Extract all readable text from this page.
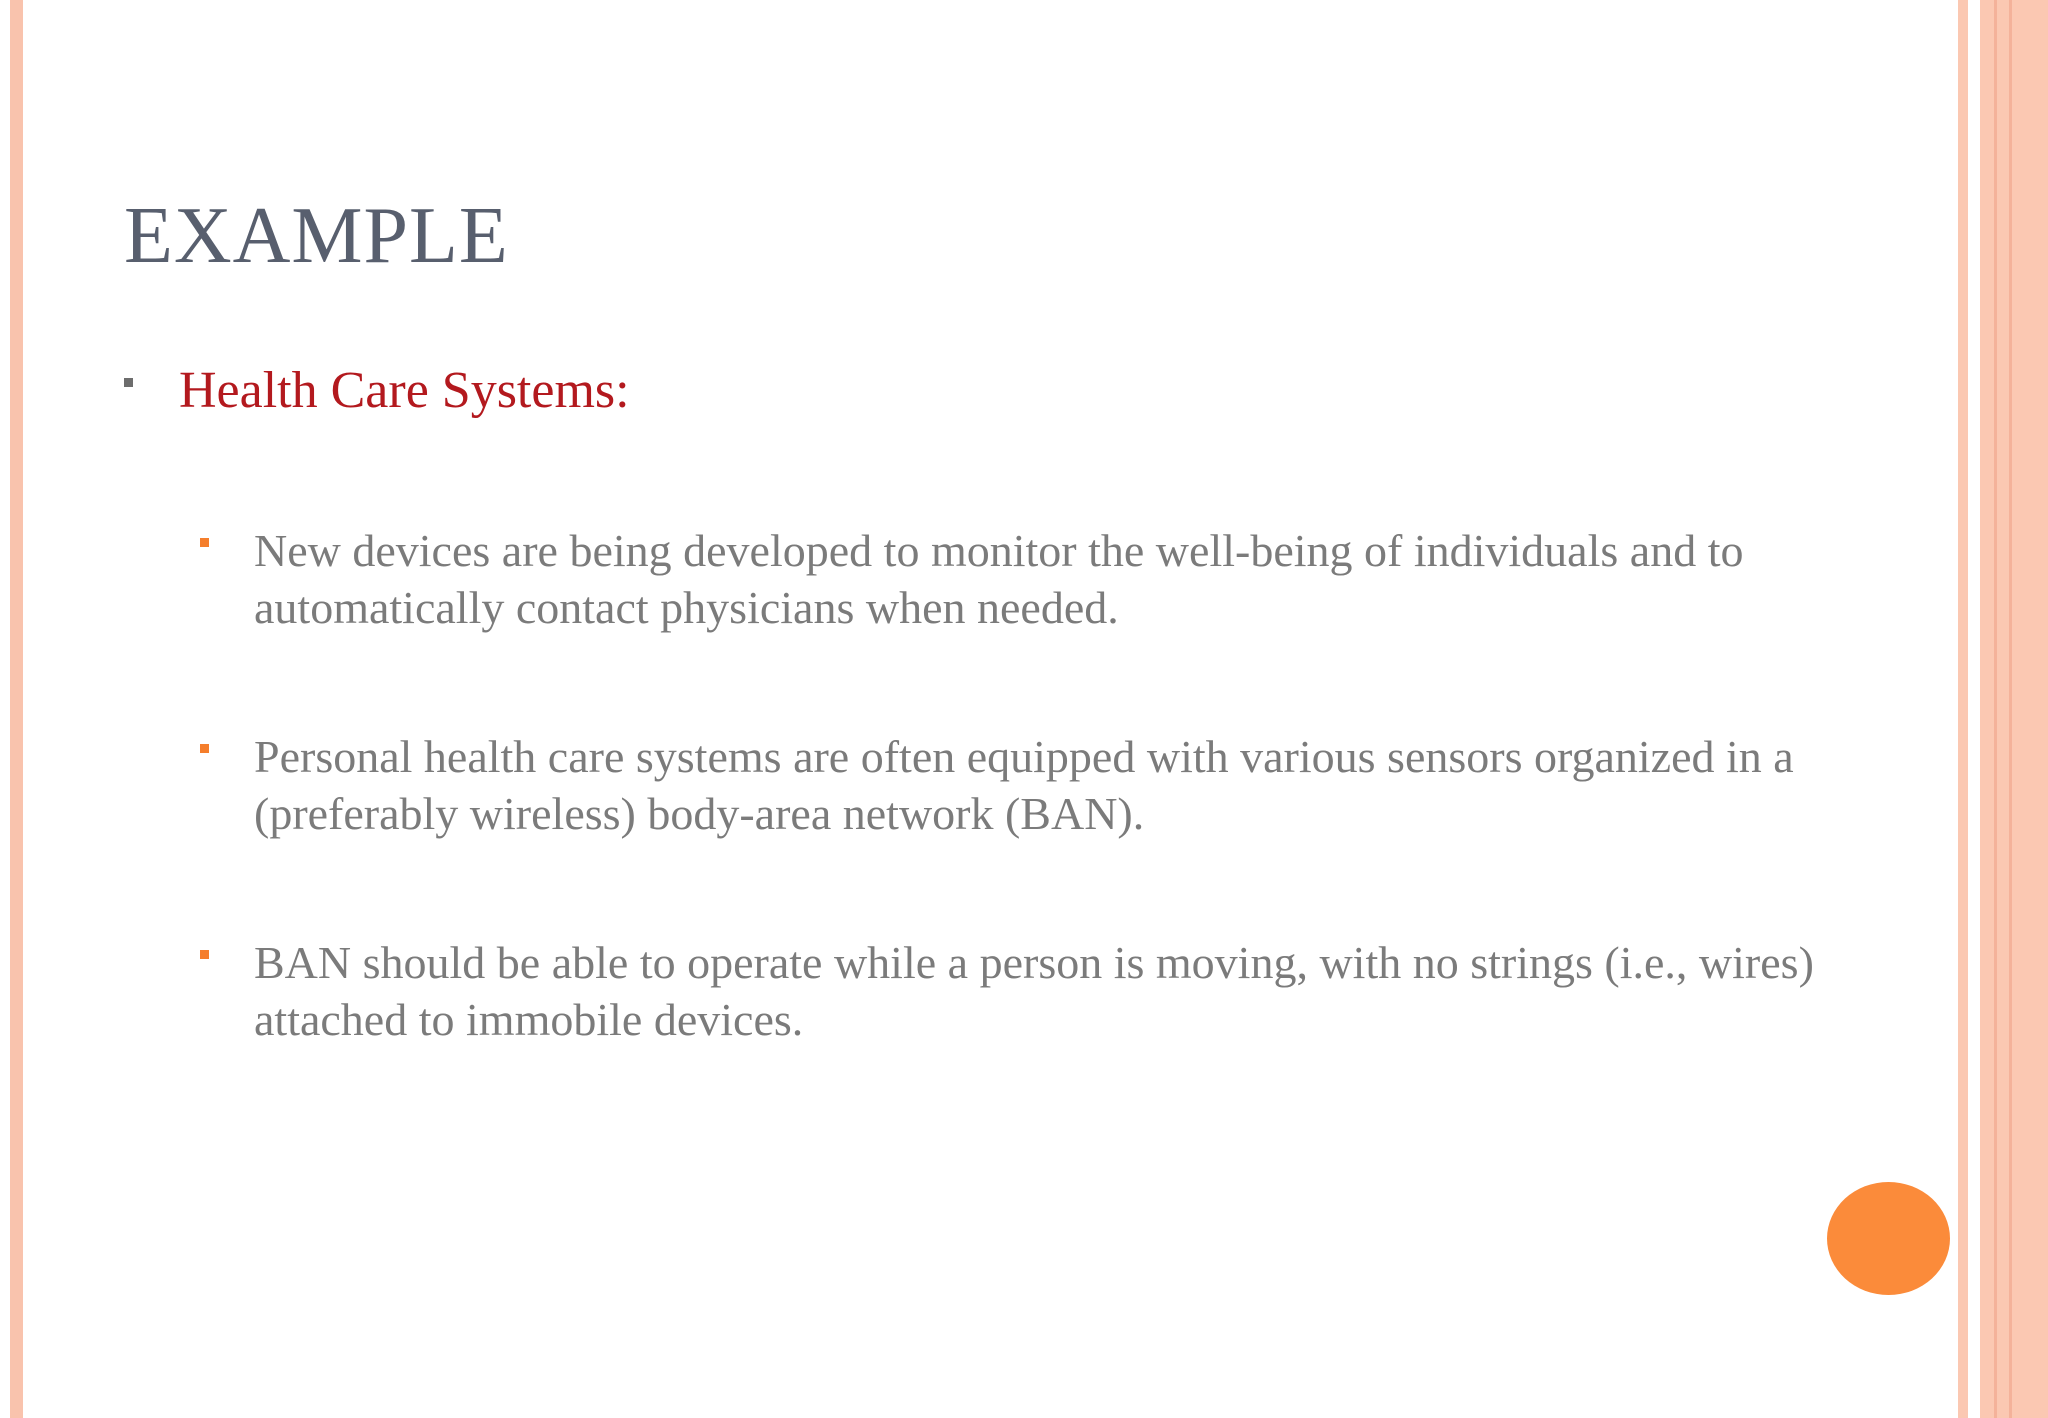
EXAMPLE
Health Care Systems:
New devices are being developed to monitor the well-being of individuals and to automatically contact physicians when needed.
Personal health care systems are often equipped with various sensors organized in a (preferably wireless) body-area network (BAN).
BAN should be able to operate while a person is moving, with no strings (i.e., wires) attached to immobile devices.
